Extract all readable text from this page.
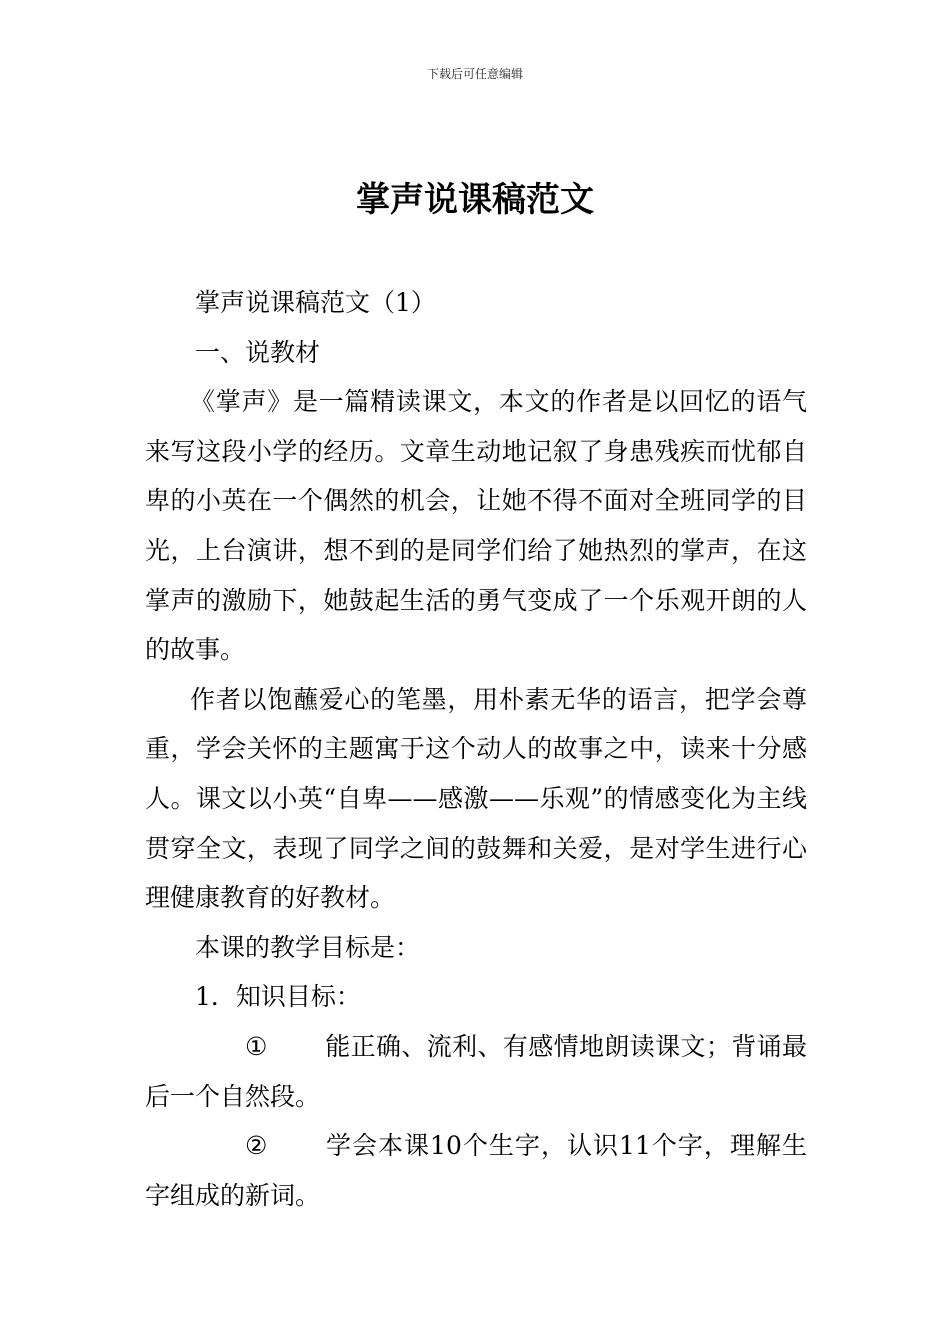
下载后可任意编辑
掌声说课稿范文

掌声说课稿范文（1）

一、说教材

《掌声》是一篇精读课文，本文的作者是以回忆的语气来写这段小学的经历。文章生动地记叙了身患残疾而忧郁自卑的小英在一个偶然的机会，让她不得不面对全班同学的目光，上台演讲，想不到的是同学们给了她热烈的掌声，在这掌声的激励下，她鼓起生活的勇气变成了一个乐观开朗的人的故事。

作者以饱蘸爱心的笔墨，用朴素无华的语言，把学会尊重，学会关怀的主题寓于这个动人的故事之中，读来十分感人。课文以小英“自卑——感激——乐观”的情感变化为主线贯穿全文，表现了同学之间的鼓舞和关爱，是对学生进行心理健康教育的好教材。

本课的教学目标是：

1．知识目标：

① 能正确、流利、有感情地朗读课文；背诵最后一个自然段。

② 学会本课10个生字，认识11个字，理解生字组成的新词。
